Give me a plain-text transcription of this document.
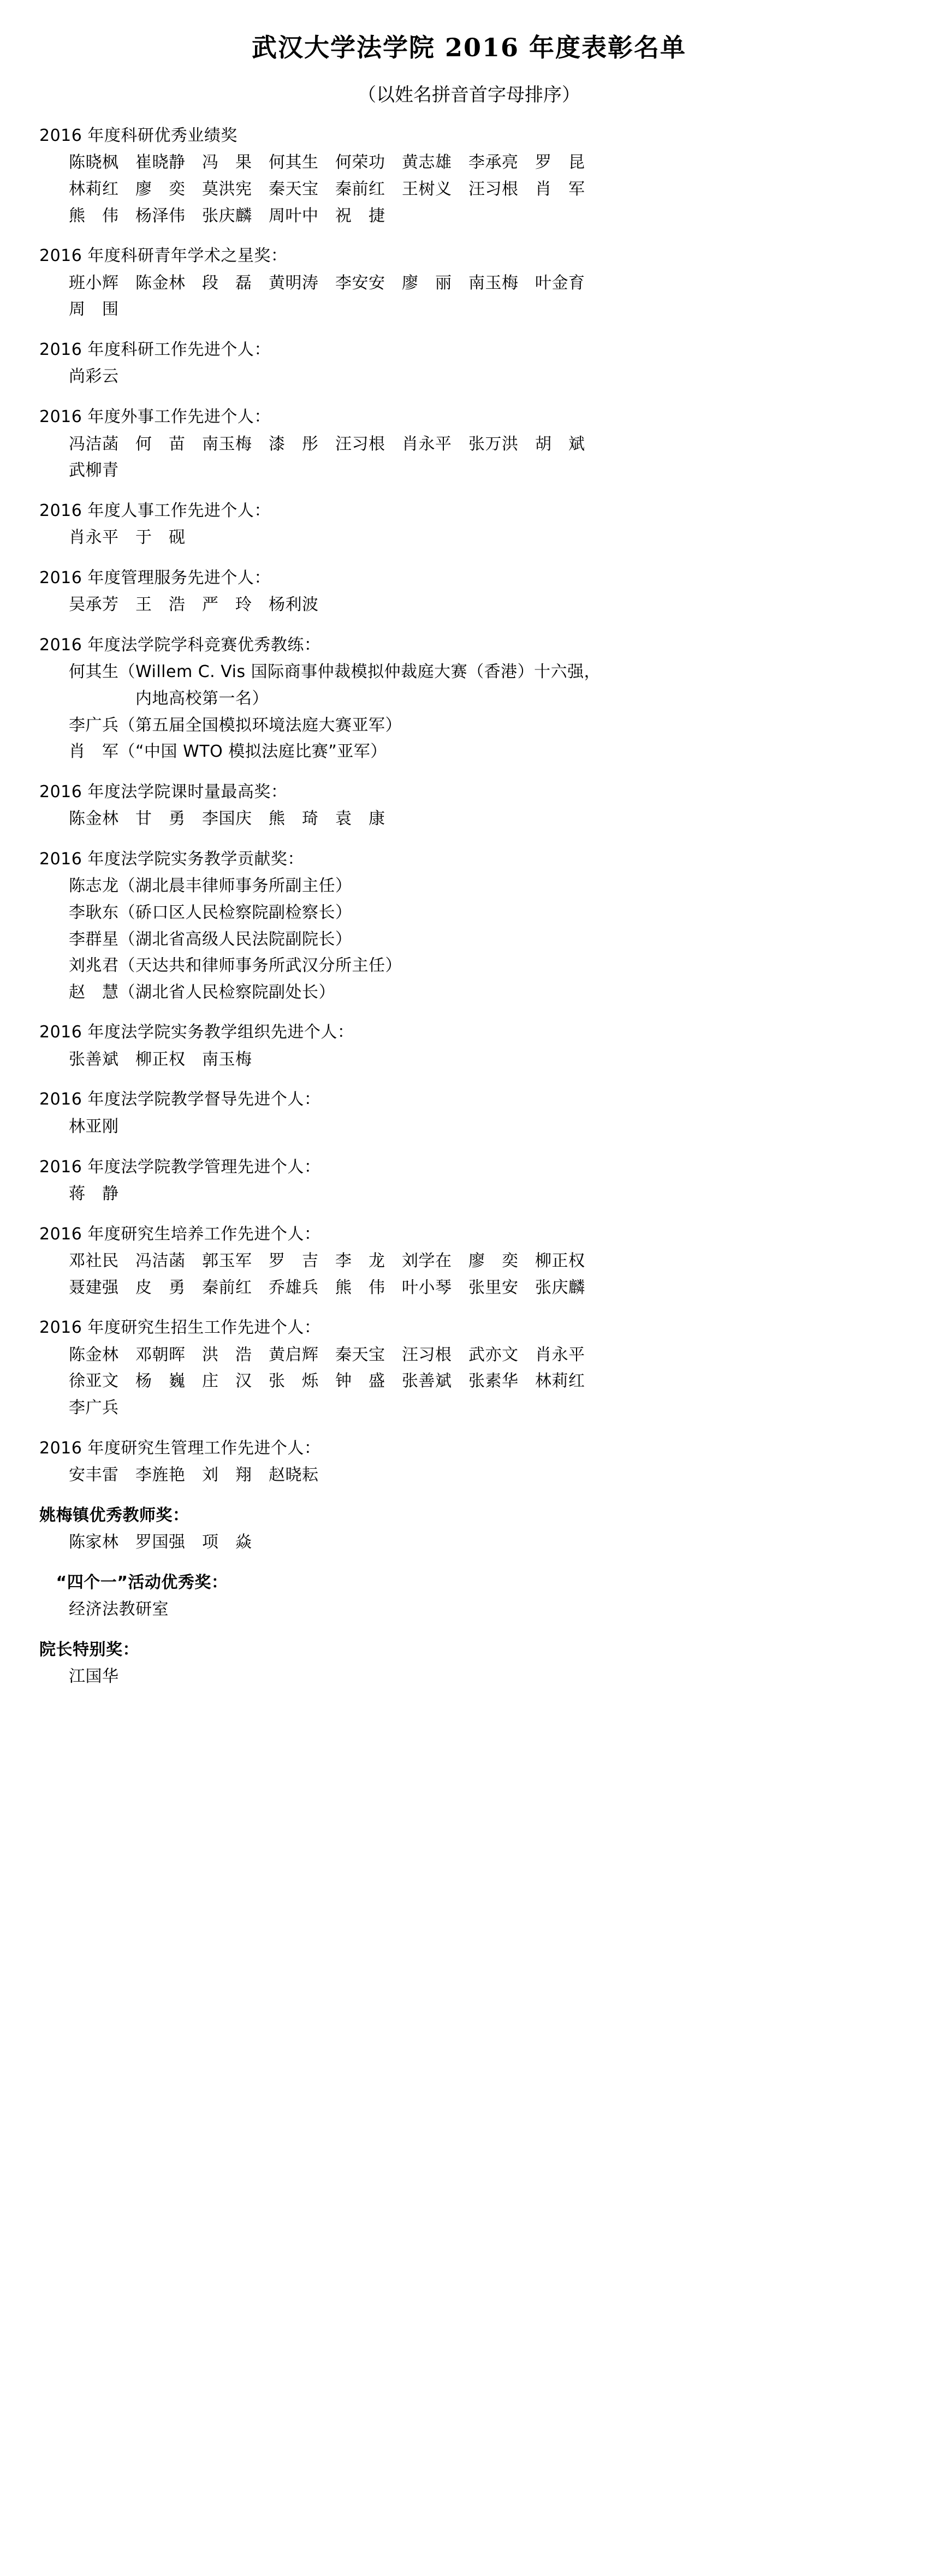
武汉大学法学院 2016 年度表彰名单
（以姓名拼音首字母排序）
2016 年度科研优秀业绩奖
陈晓枫　崔晓静　冯　果　何其生　何荣功　黄志雄　李承亮　罗　昆
林莉红　廖　奕　莫洪宪　秦天宝　秦前红　王树义　汪习根　肖　军
熊　伟　杨泽伟　张庆麟　周叶中　祝　捷
2016 年度科研青年学术之星奖：
班小辉　陈金林　段　磊　黄明涛　李安安　廖　丽　南玉梅　叶金育
周　围
2016 年度科研工作先进个人：
尚彩云
2016 年度外事工作先进个人：
冯洁菡　何　苗　南玉梅　漆　彤　汪习根　肖永平　张万洪　胡　斌
武柳青
2016 年度人事工作先进个人：
肖永平　于　砚
2016 年度管理服务先进个人：
吴承芳　王　浩　严　玲　杨利波
2016 年度法学院学科竞赛优秀教练：
何其生（Willem C. Vis 国际商事仲裁模拟仲裁庭大赛（香港）十六强，
　　　　内地高校第一名）
李广兵（第五届全国模拟环境法庭大赛亚军）
肖　军（“中国 WTO 模拟法庭比赛”亚军）
2016 年度法学院课时量最高奖：
陈金林　甘　勇　李国庆　熊　琦　袁　康
2016 年度法学院实务教学贡献奖：
陈志龙（湖北晨丰律师事务所副主任）
李耿东（硚口区人民检察院副检察长）
李群星（湖北省高级人民法院副院长）
刘兆君（天达共和律师事务所武汉分所主任）
赵　慧（湖北省人民检察院副处长）
2016 年度法学院实务教学组织先进个人：
张善斌　柳正权　南玉梅
2016 年度法学院教学督导先进个人：
林亚刚
2016 年度法学院教学管理先进个人：
蒋　静
2016 年度研究生培养工作先进个人：
邓社民　冯洁菡　郭玉军　罗　吉　李　龙　刘学在　廖　奕　柳正权
聂建强　皮　勇　秦前红　乔雄兵　熊　伟　叶小琴　张里安　张庆麟
2016 年度研究生招生工作先进个人：
陈金林　邓朝晖　洪　浩　黄启辉　秦天宝　汪习根　武亦文　肖永平
徐亚文　杨　巍　庄　汉　张　烁　钟　盛　张善斌　张素华　林莉红
李广兵
2016 年度研究生管理工作先进个人：
安丰雷　李旌艳　刘　翔　赵晓耘
姚梅镇优秀教师奖：
陈家林　罗国强　项　焱
　“四个一”活动优秀奖：
经济法教研室
院长特别奖：
江国华
